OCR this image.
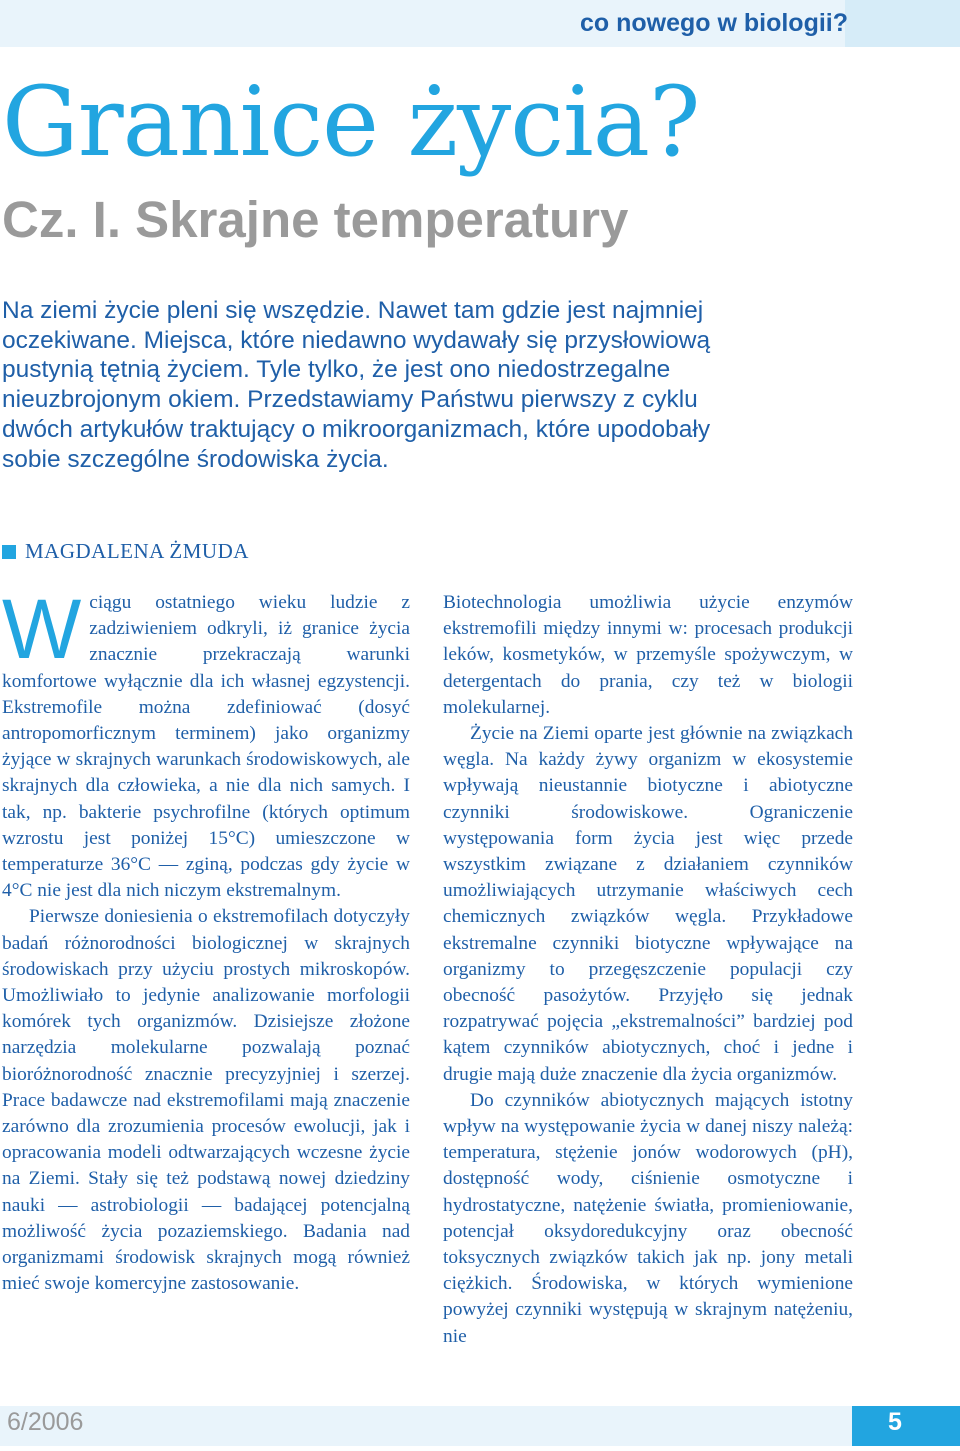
co nowego w biologii?
Granice życia?
Cz. I. Skrajne temperatury
Na ziemi życie pleni się wszędzie. Nawet tam gdzie jest najmniej
oczekiwane. Miejsca, które niedawno wydawały się przysłowiową
pustynią tętnią życiem. Tyle tylko, że jest ono niedostrzegalne
nieuzbrojonym okiem. Przedstawiamy Państwu pierwszy z cyklu
dwóch artykułów traktujący o mikroorganizmach, które upodobały
sobie szczególne środowiska życia.
MAGDALENA ŻMUDA

Wciągu ostatniego wieku ludzie z zadziwieniem odkryli, iż granice życia znacznie przekraczają warunki komfortowe wyłącznie dla ich własnej egzystencji. Ekstremofile można zdefiniować (dosyć antropomorficznym terminem) jako organizmy żyjące w skrajnych warunkach środowiskowych, ale skrajnych dla człowieka, a nie dla nich samych. I tak, np. bakterie psychrofilne (których optimum wzrostu jest poniżej 15°C) umieszczone w temperaturze 36°C — zginą, podczas gdy życie w 4°C nie jest dla nich niczym ekstremalnym.

Pierwsze doniesienia o ekstremofilach dotyczyły badań różnorodności biologicznej w skrajnych środowiskach przy użyciu prostych mikroskopów. Umożliwiało to jedynie analizowanie morfologii komórek tych organizmów. Dzisiejsze złożone narzędzia molekularne pozwalają poznać bioróżnorodność znacznie precyzyjniej i szerzej. Prace badawcze nad ekstremofilami mają znaczenie zarówno dla zrozumienia procesów ewolucji, jak i opracowania modeli odtwarzających wczesne życie na Ziemi. Stały się też podstawą nowej dziedziny nauki — astrobiologii — badającej potencjalną możliwość życia pozaziemskiego. Badania nad organizmami środowisk skrajnych mogą również mieć swoje komercyjne zastosowanie.

Biotechnologia umożliwia użycie enzymów ekstremofili między innymi w: procesach produkcji leków, kosmetyków, w przemyśle spożywczym, w detergentach do prania, czy też w biologii molekularnej.

Życie na Ziemi oparte jest głównie na związkach węgla. Na każdy żywy organizm w ekosystemie wpływają nieustannie biotyczne i abiotyczne czynniki środowiskowe. Ograniczenie występowania form życia jest więc przede wszystkim związane z działaniem czynników umożliwiających utrzymanie właściwych cech chemicznych związków węgla. Przykładowe ekstremalne czynniki biotyczne wpływające na organizmy to przegęszczenie populacji czy obecność pasożytów. Przyjęło się jednak rozpatrywać pojęcia „ekstremalności” bardziej pod kątem czynników abiotycznych, choć i jedne i drugie mają duże znaczenie dla życia organizmów.

Do czynników abiotycznych mających istotny wpływ na występowanie życia w danej niszy należą: temperatura, stężenie jonów wodorowych (pH), dostępność wody, ciśnienie osmotyczne i hydrostatyczne, natężenie światła, promieniowanie, potencjał oksydoredukcyjny oraz obecność toksycznych związków takich jak np. jony metali ciężkich. Środowiska, w których wymienione powyżej czynniki występują w skrajnym natężeniu, nie

6/2006	5
